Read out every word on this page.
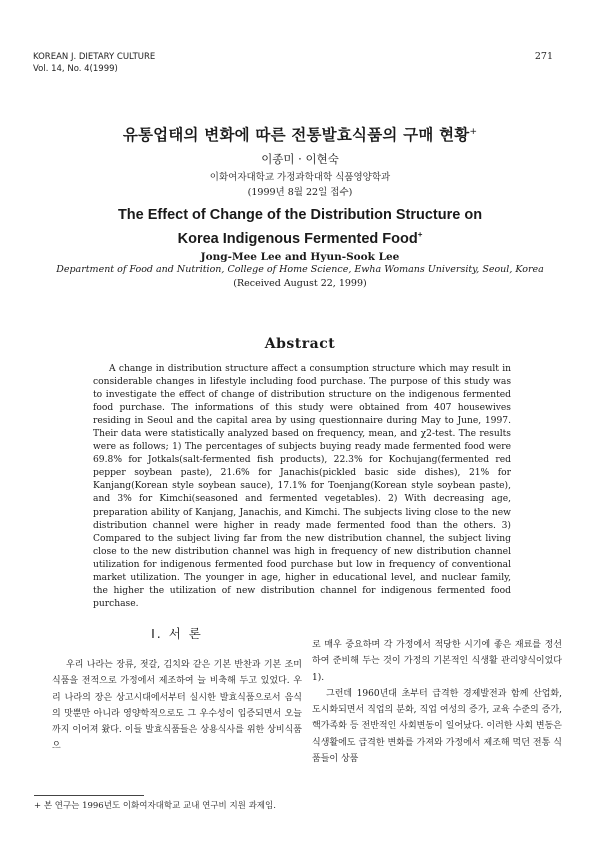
KOREAN J. DIETARY CULTURE
Vol. 14, No. 4(1999)
271
유통업태의 변화에 따른 전통발효식품의 구매 현황+
이종미 · 이현숙
이화여자대학교 가정과학대학 식품영양학과
(1999년 8월 22일 접수)
The Effect of Change of the Distribution Structure on
Korea Indigenous Fermented Food+
Jong-Mee Lee and Hyun-Sook Lee
Department of Food and Nutrition, College of Home Science, Ewha Womans University, Seoul, Korea
(Received August 22, 1999)
Abstract

A change in distribution structure affect a consumption structure which may result in considerable changes in lifestyle including food purchase. The purpose of this study was to investigate the effect of change of distribution structure on the indigenous fermented food purchase. The informations of this study were obtained from 407 housewives residing in Seoul and the capital area by using questionnaire during May to June, 1997. Their data were statistically analyzed based on frequency, mean, and χ2-test. The results were as follows; 1) The percentages of subjects buying ready made fermented food were 69.8% for Jotkals(salt-fermented fish products), 22.3% for Kochujang(fermented red pepper soybean paste), 21.6% for Janachis(pickled basic side dishes), 21% for Kanjang(Korean style soybean sauce), 17.1% for Toenjang(Korean style soybean paste), and 3% for Kimchi(seasoned and fermented vegetables). 2) With decreasing age, preparation ability of Kanjang, Janachis, and Kimchi. The subjects living close to the new distribution channel were higher in ready made fermented food than the others. 3) Compared to the subject living far from the new distribution channel, the subject living close to the new distribution channel was high in frequency of new distribution channel utilization for indigenous fermented food purchase but low in frequency of conventional market utilization. The younger in age, higher in educational level, and nuclear family, the higher the utilization of new distribution channel for indigenous fermented food purchase.

I. 서 론

우리 나라는 장류, 젓갈, 김치와 같은 기본 반찬과 기본 조미 식품을 전적으로 가정에서 제조하여 늘 비축해 두고 있었다. 우리 나라의 장은 상고시대에서부터 실시한 발효식품으로서 음식의 맛뿐만 아니라 영양학적으로도 그 우수성이 입증되면서 오늘까지 이어져 왔다. 이들 발효식품들은 상용식사를 위한 상비식품으

로 매우 중요하며 각 가정에서 적당한 시기에 좋은 재료를 정선하여 준비해 두는 것이 가정의 기본적인 식생활 관리양식이었다1).

그런데 1960년대 초부터 급격한 경제발전과 함께 산업화, 도시화되면서 직업의 분화, 직업 여성의 증가, 교육 수준의 증가, 핵가족화 등 전반적인 사회변동이 일어났다. 이러한 사회 변동은 식생활에도 급격한 변화를 가져와 가정에서 제조해 먹던 전통 식품들이 상품

+ 본 연구는 1996년도 이화여자대학교 교내 연구비 지원 과제임.
